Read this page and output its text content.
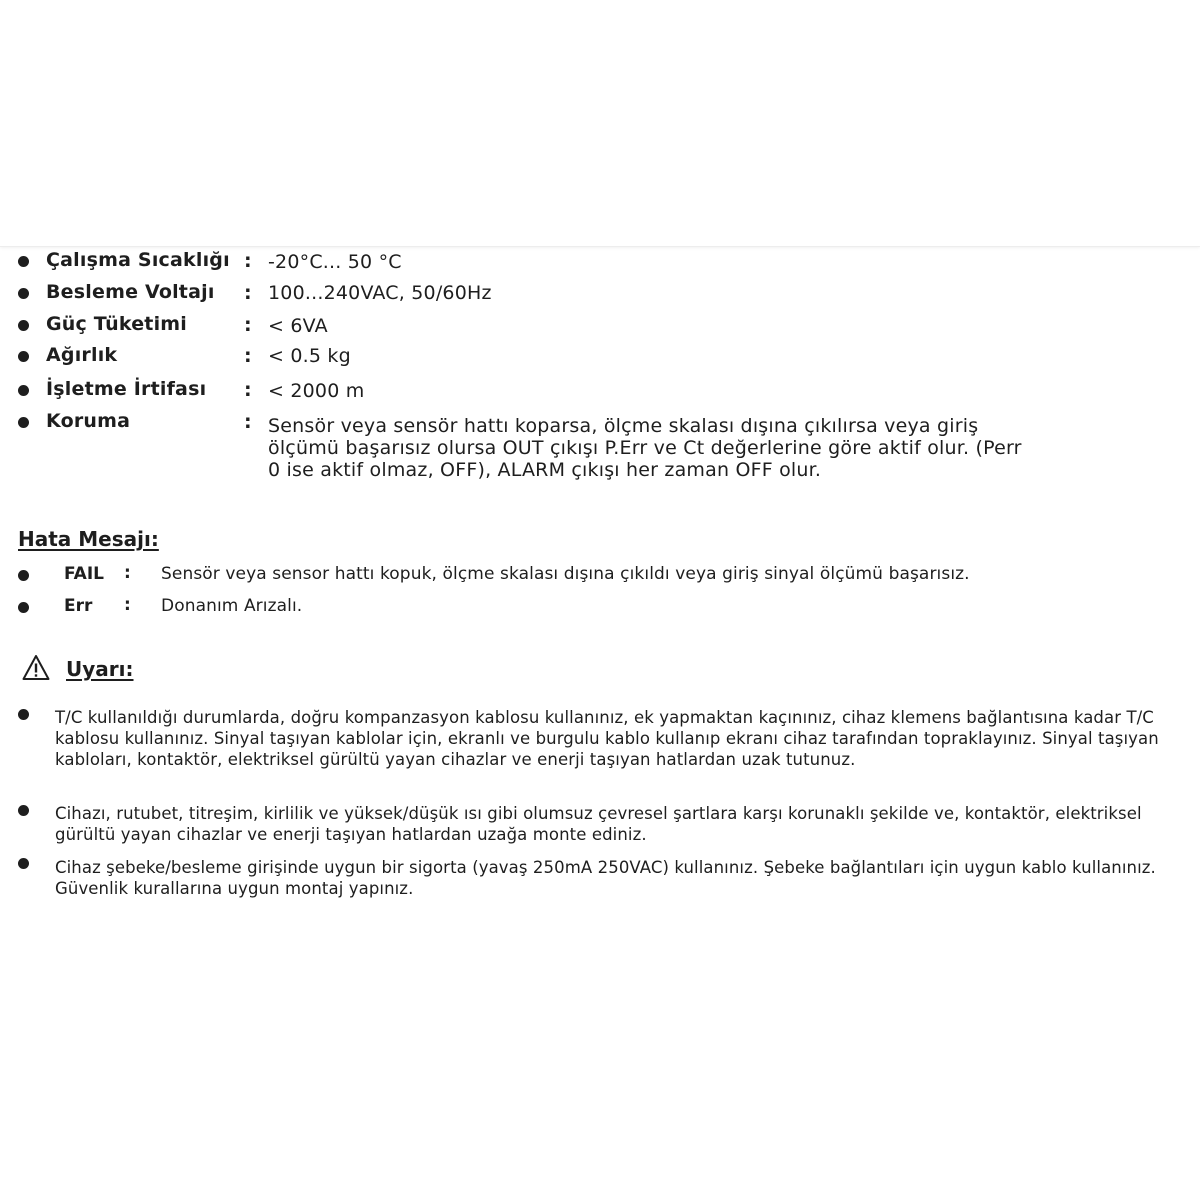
Çalışma Sıcaklığı : -20°C... 50 °C
Besleme Voltajı : 100...240VAC, 50/60Hz
Güç Tüketimi	: < 6VA
Ağırlık	: < 0.5 kg
İşletme İrtifası : < 2000 m
Koruma	: Sensör veya sensör hattı koparsa, ölçme skalası dışına çıkılırsa veya giriş ölçümü başarısız olursa OUT çıkışı P.Err ve Ct değerlerine göre aktif olur. (Perr 0 ise aktif olmaz, OFF), ALARM çıkışı her zaman OFF olur.
Hata Mesajı:
FAIL : Sensör veya sensor hattı kopuk, ölçme skalası dışına çıkıldı veya giriş sinyal ölçümü başarısız.
Err : Donanım Arızalı.
Uyarı:
T/C kullanıldığı durumlarda, doğru kompanzasyon kablosu kullanınız, ek yapmaktan kaçınınız, cihaz klemens bağlantısına kadar T/C kablosu kullanınız. Sinyal taşıyan kablolar için, ekranlı ve burgulu kablo kullanıp ekranı cihaz tarafından topraklayınız. Sinyal taşıyan kabloları, kontaktör, elektriksel gürültü yayan cihazlar ve enerji taşıyan hatlardan uzak tutunuz.
Cihazı, rutubet, titreşim, kirlilik ve yüksek/düşük ısı gibi olumsuz çevresel şartlara karşı korunaklı şekilde ve, kontaktör, elektriksel gürültü yayan cihazlar ve enerji taşıyan hatlardan uzağa monte ediniz.
Cihaz şebeke/besleme girişinde uygun bir sigorta (yavaş 250mA 250VAC) kullanınız. Şebeke bağlantıları için uygun kablo kullanınız. Güvenlik kurallarına uygun montaj yapınız.
